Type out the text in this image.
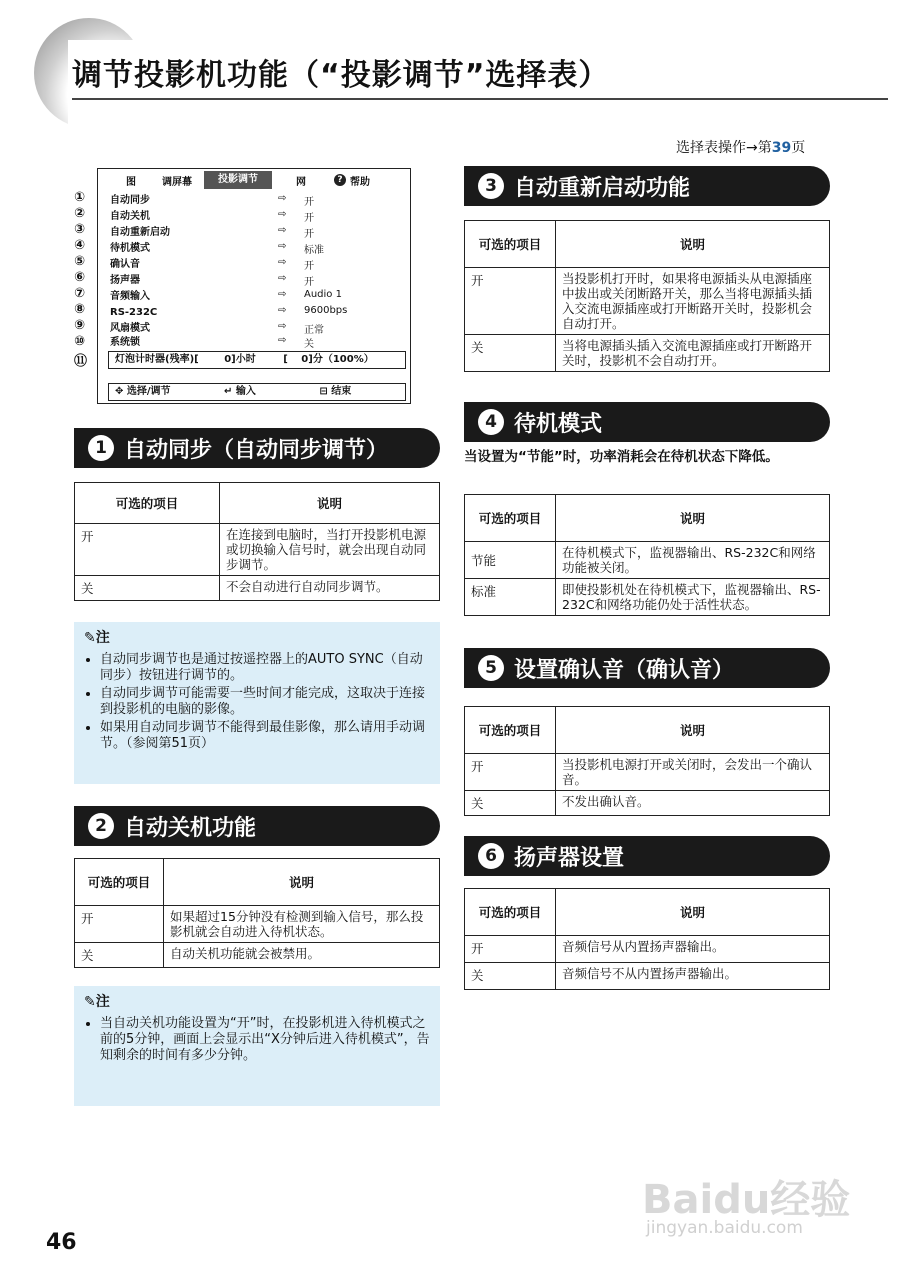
调节投影机功能（“投影调节”选择表）
选择表操作→第39页
图	调屏幕	投影调节	网	? 帮助
自动同步	⇨ 开
自动关机	⇨ 开
自动重新启动	⇨ 开
待机模式	⇨ 标准
确认音	⇨ 开
扬声器	⇨ 开
音频输入	⇨ Audio 1
RS-232C	⇨ 9600bps
风扇模式	⇨ 正常
系统锁	⇨ 关
灯泡计时器(残率)[	0]小时	[ 0]分（100%）
✥ 选择/调节	↵ 输入	⊟ 结束
①
②
③
④
⑤
⑥
⑦
⑧
⑨
⑩
⑪
1 自动同步（自动同步调节）
可选的项目	说明
开	在连接到电脑时，当打开投影机电源或切换输入信号时，就会出现自动同步调节。
关	不会自动进行自动同步调节。
✎注
• 自动同步调节也是通过按遥控器上的AUTO SYNC（自动同步）按钮进行调节的。
• 自动同步调节可能需要一些时间才能完成，这取决于连接到投影机的电脑的影像。
• 如果用自动同步调节不能得到最佳影像，那么请用手动调节。（参阅第51页）
2 自动关机功能
可选的项目	说明
开	如果超过15分钟没有检测到输入信号，那么投影机就会自动进入待机状态。
关	自动关机功能就会被禁用。
✎注
• 当自动关机功能设置为“开”时，在投影机进入待机模式之前的5分钟，画面上会显示出“X分钟后进入待机模式”，告知剩余的时间有多少分钟。
3 自动重新启动功能
可选的项目	说明
开	当投影机打开时，如果将电源插头从电源插座中拔出或关闭断路开关，那么当将电源插头插入交流电源插座或打开断路开关时，投影机会自动打开。
关	当将电源插头插入交流电源插座或打开断路开关时，投影机不会自动打开。
4 待机模式
当设置为“节能”时，功率消耗会在待机状态下降低。
可选的项目	说明
节能	在待机模式下，监视器输出、RS-232C和网络功能被关闭。
标准	即使投影机处在待机模式下，监视器输出、RS-232C和网络功能仍处于活性状态。
5 设置确认音（确认音）
可选的项目	说明
开	当投影机电源打开或关闭时，会发出一个确认音。
关	不发出确认音。
6 扬声器设置
可选的项目	说明
开	音频信号从内置扬声器输出。
关	音频信号不从内置扬声器输出。
46
Baidu经验
jingyan.baidu.com
